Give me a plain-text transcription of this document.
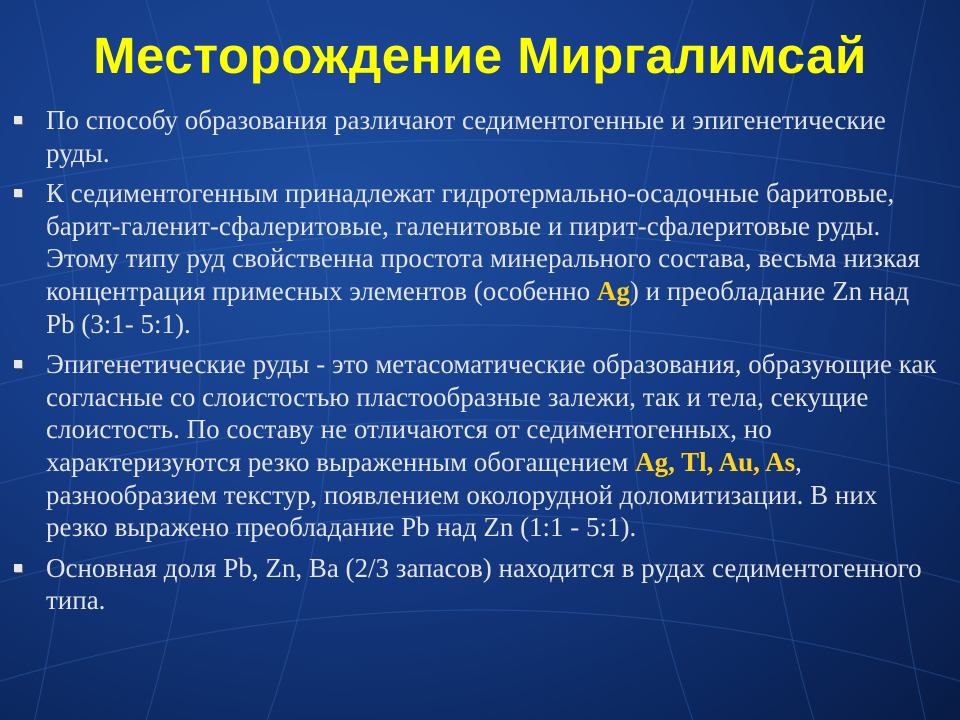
Месторождение Миргалимсай
По способу образования различают седиментогенные и эпигенетические руды.
К седиментогенным принадлежат гидротермально-осадочные баритовые, барит-галенит-сфалеритовые, галенитовые и пирит-сфалеритовые руды. Этому типу руд свойственна простота минерального состава, весьма низкая концентрация примесных элементов (особенно Ag) и преобладание Zn над Pb (3:1- 5:1).
Эпигенетические руды - это метасоматические образования, образующие как согласные со слоистостью пластообразные залежи, так и тела, секущие слоистость. По составу не отличаются от седиментогенных, но характеризуются резко выраженным обогащением Ag, Tl, Au, As, разнообразием текстур, появлением околорудной доломитизации. В них резко выражено преобладание Pb над Zn (1:1 - 5:1).
Основная доля Pb, Zn, Ba (2/3 запасов) находится в рудах седиментогенного типа.
